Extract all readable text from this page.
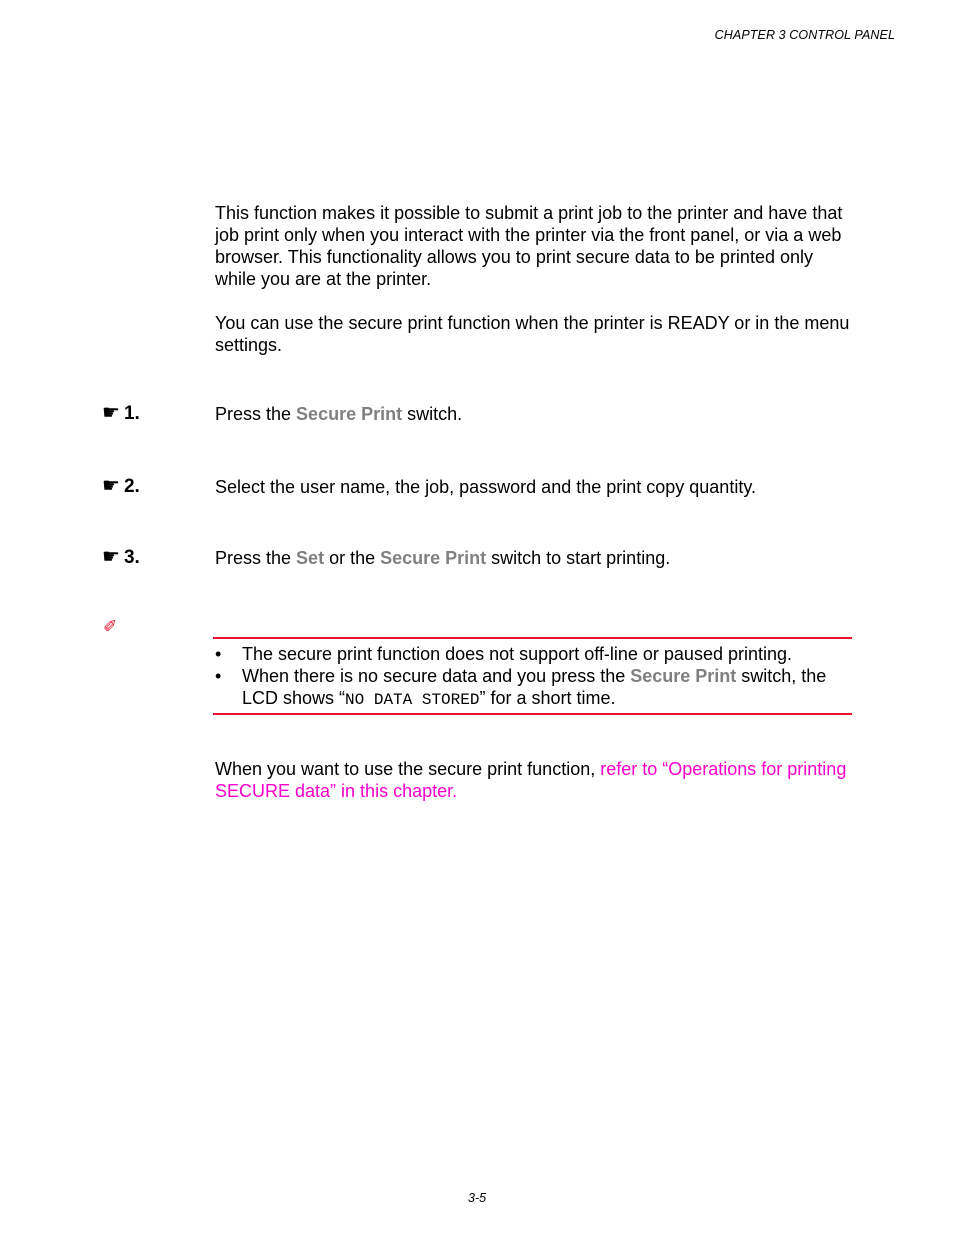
CHAPTER 3 CONTROL PANEL
This function makes it possible to submit a print job to the printer and have that job print only when you interact with the printer via the front panel, or via a web browser. This functionality allows you to print secure data to be printed only while you are at the printer.
You can use the secure print function when the printer is READY or in the menu settings.
☛ 1.	Press the Secure Print switch.
☛ 2.	Select the user name, the job, password and the print copy quantity.
☛ 3.	Press the Set or the Secure Print switch to start printing.
✐
• The secure print function does not support off-line or paused printing.
• When there is no secure data and you press the Secure Print switch, the LCD shows “NO DATA STORED” for a short time.
When you want to use the secure print function, refer to “Operations for printing SECURE data” in this chapter.
3-5
